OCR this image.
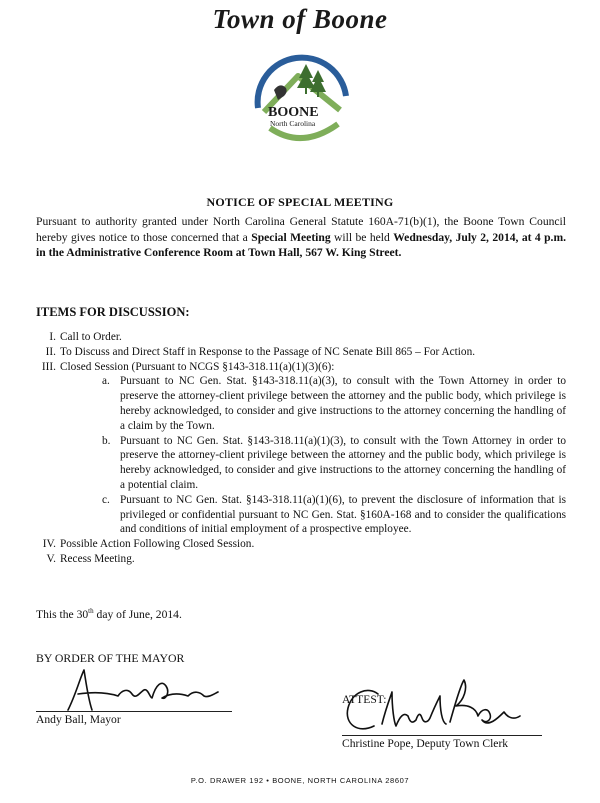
Town of Boone
BOONE
North Carolina
NOTICE OF SPECIAL MEETING
Pursuant to authority granted under North Carolina General Statute 160A-71(b)(1), the Boone Town Council hereby gives notice to those concerned that a Special Meeting will be held Wednesday, July 2, 2014, at 4 p.m. in the Administrative Conference Room at Town Hall, 567 W. King Street.
ITEMS FOR DISCUSSION:
I. Call to Order.
II. To Discuss and Direct Staff in Response to the Passage of NC Senate Bill 865 – For Action.
III. Closed Session (Pursuant to NCGS §143-318.11(a)(1)(3)(6):
a. Pursuant to NC Gen. Stat. §143-318.11(a)(3), to consult with the Town Attorney in order to preserve the attorney-client privilege between the attorney and the public body, which privilege is hereby acknowledged, to consider and give instructions to the attorney concerning the handling of a claim by the Town.
b. Pursuant to NC Gen. Stat. §143-318.11(a)(1)(3), to consult with the Town Attorney in order to preserve the attorney-client privilege between the attorney and the public body, which privilege is hereby acknowledged, to consider and give instructions to the attorney concerning the handling of a potential claim.
c. Pursuant to NC Gen. Stat. §143-318.11(a)(1)(6), to prevent the disclosure of information that is privileged or confidential pursuant to NC Gen. Stat. §160A-168 and to consider the qualifications and conditions of initial employment of a prospective employee.
IV. Possible Action Following Closed Session.
V. Recess Meeting.
This the 30th day of June, 2014.
BY ORDER OF THE MAYOR
Andy Ball, Mayor
ATTEST:
Christine Pope, Deputy Town Clerk
P.O. DRAWER 192 • BOONE, NORTH CAROLINA 28607
